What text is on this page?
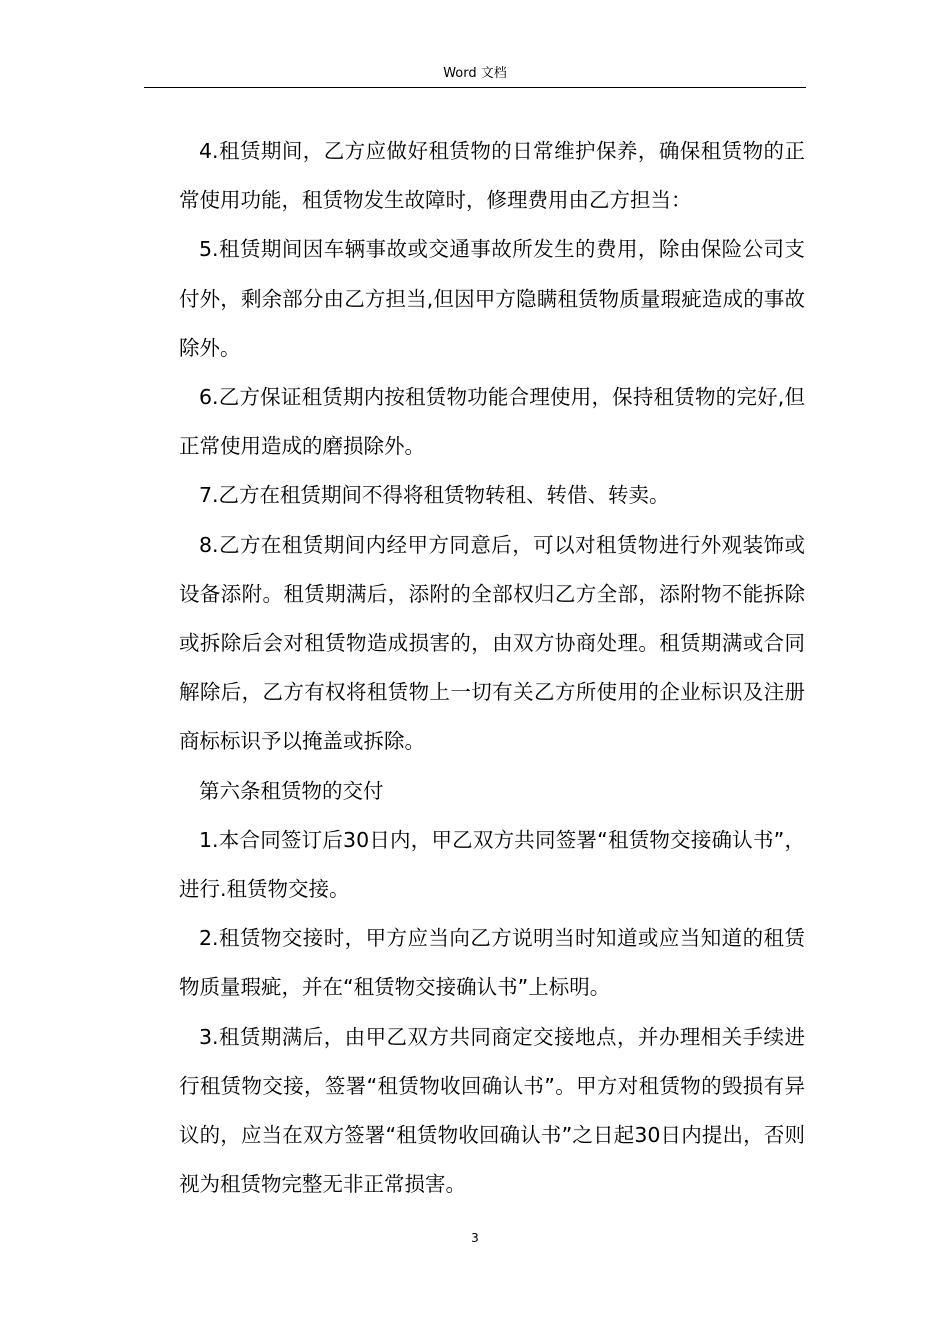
Word 文档

4.租赁期间，乙方应做好租赁物的日常维护保养，确保租赁物的正常使用功能，租赁物发生故障时，修理费用由乙方担当：

5.租赁期间因车辆事故或交通事故所发生的费用，除由保险公司支付外，剩余部分由乙方担当,但因甲方隐瞒租赁物质量瑕疵造成的事故除外。

6.乙方保证租赁期内按租赁物功能合理使用，保持租赁物的完好,但正常使用造成的磨损除外。

7.乙方在租赁期间不得将租赁物转租、转借、转卖。

8.乙方在租赁期间内经甲方同意后，可以对租赁物进行外观装饰或设备添附。租赁期满后，添附的全部权归乙方全部，添附物不能拆除或拆除后会对租赁物造成损害的，由双方协商处理。租赁期满或合同解除后，乙方有权将租赁物上一切有关乙方所使用的企业标识及注册商标标识予以掩盖或拆除。

第六条租赁物的交付

1.本合同签订后30日内，甲乙双方共同签署“租赁物交接确认书”，进行.租赁物交接。

2.租赁物交接时，甲方应当向乙方说明当时知道或应当知道的租赁物质量瑕疵，并在“租赁物交接确认书”上标明。

3.租赁期满后，由甲乙双方共同商定交接地点，并办理相关手续进行租赁物交接，签署“租赁物收回确认书”。甲方对租赁物的毁损有异议的，应当在双方签署“租赁物收回确认书”之日起30日内提出，否则视为租赁物完整无非正常损害。

3
